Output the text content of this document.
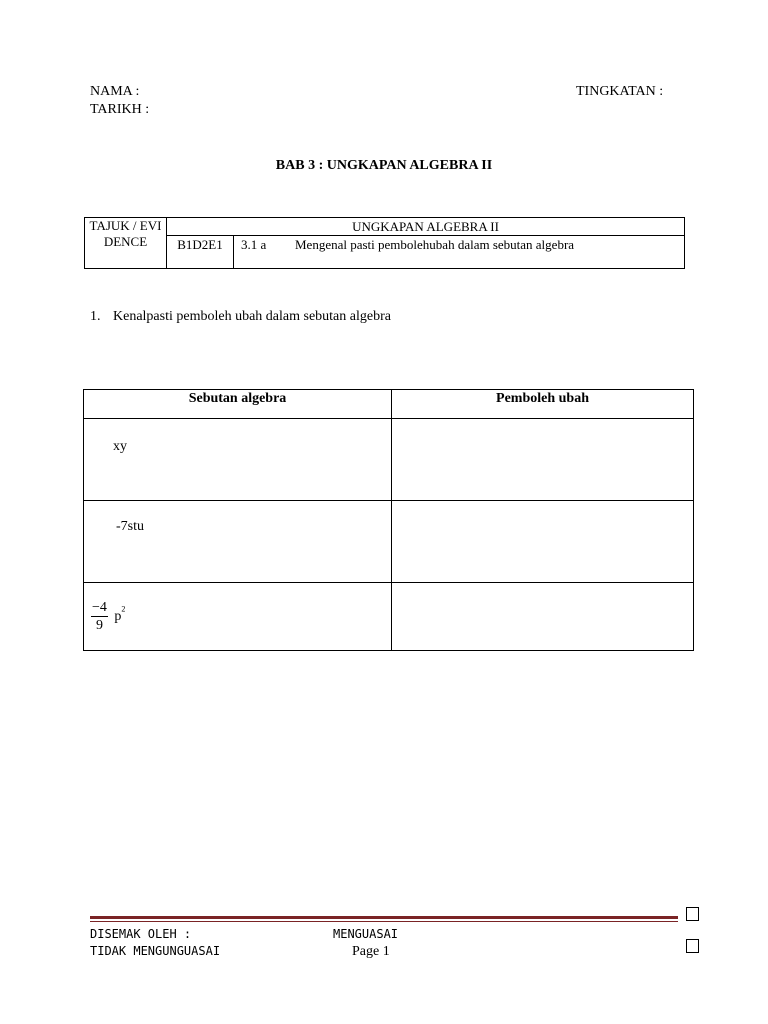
NAMA :
TARIKH :
TINGKATAN :
BAB 3 : UNGKAPAN ALGEBRA II
TAJUK / EVIDENCE	UNGKAPAN ALGEBRA II	
	B1D2E1	3.1 a Mengenal pasti pembolehubah dalam sebutan algebra
1. Kenalpasti pemboleh ubah dalam sebutan algebra
Sebutan algebra	Pemboleh ubah

xy	

-7stu	

$\frac{-4}{9} p^2$

DISEMAK OLEH :	MENGUASAI
TIDAK MENGUNGUASAI	Page 1
